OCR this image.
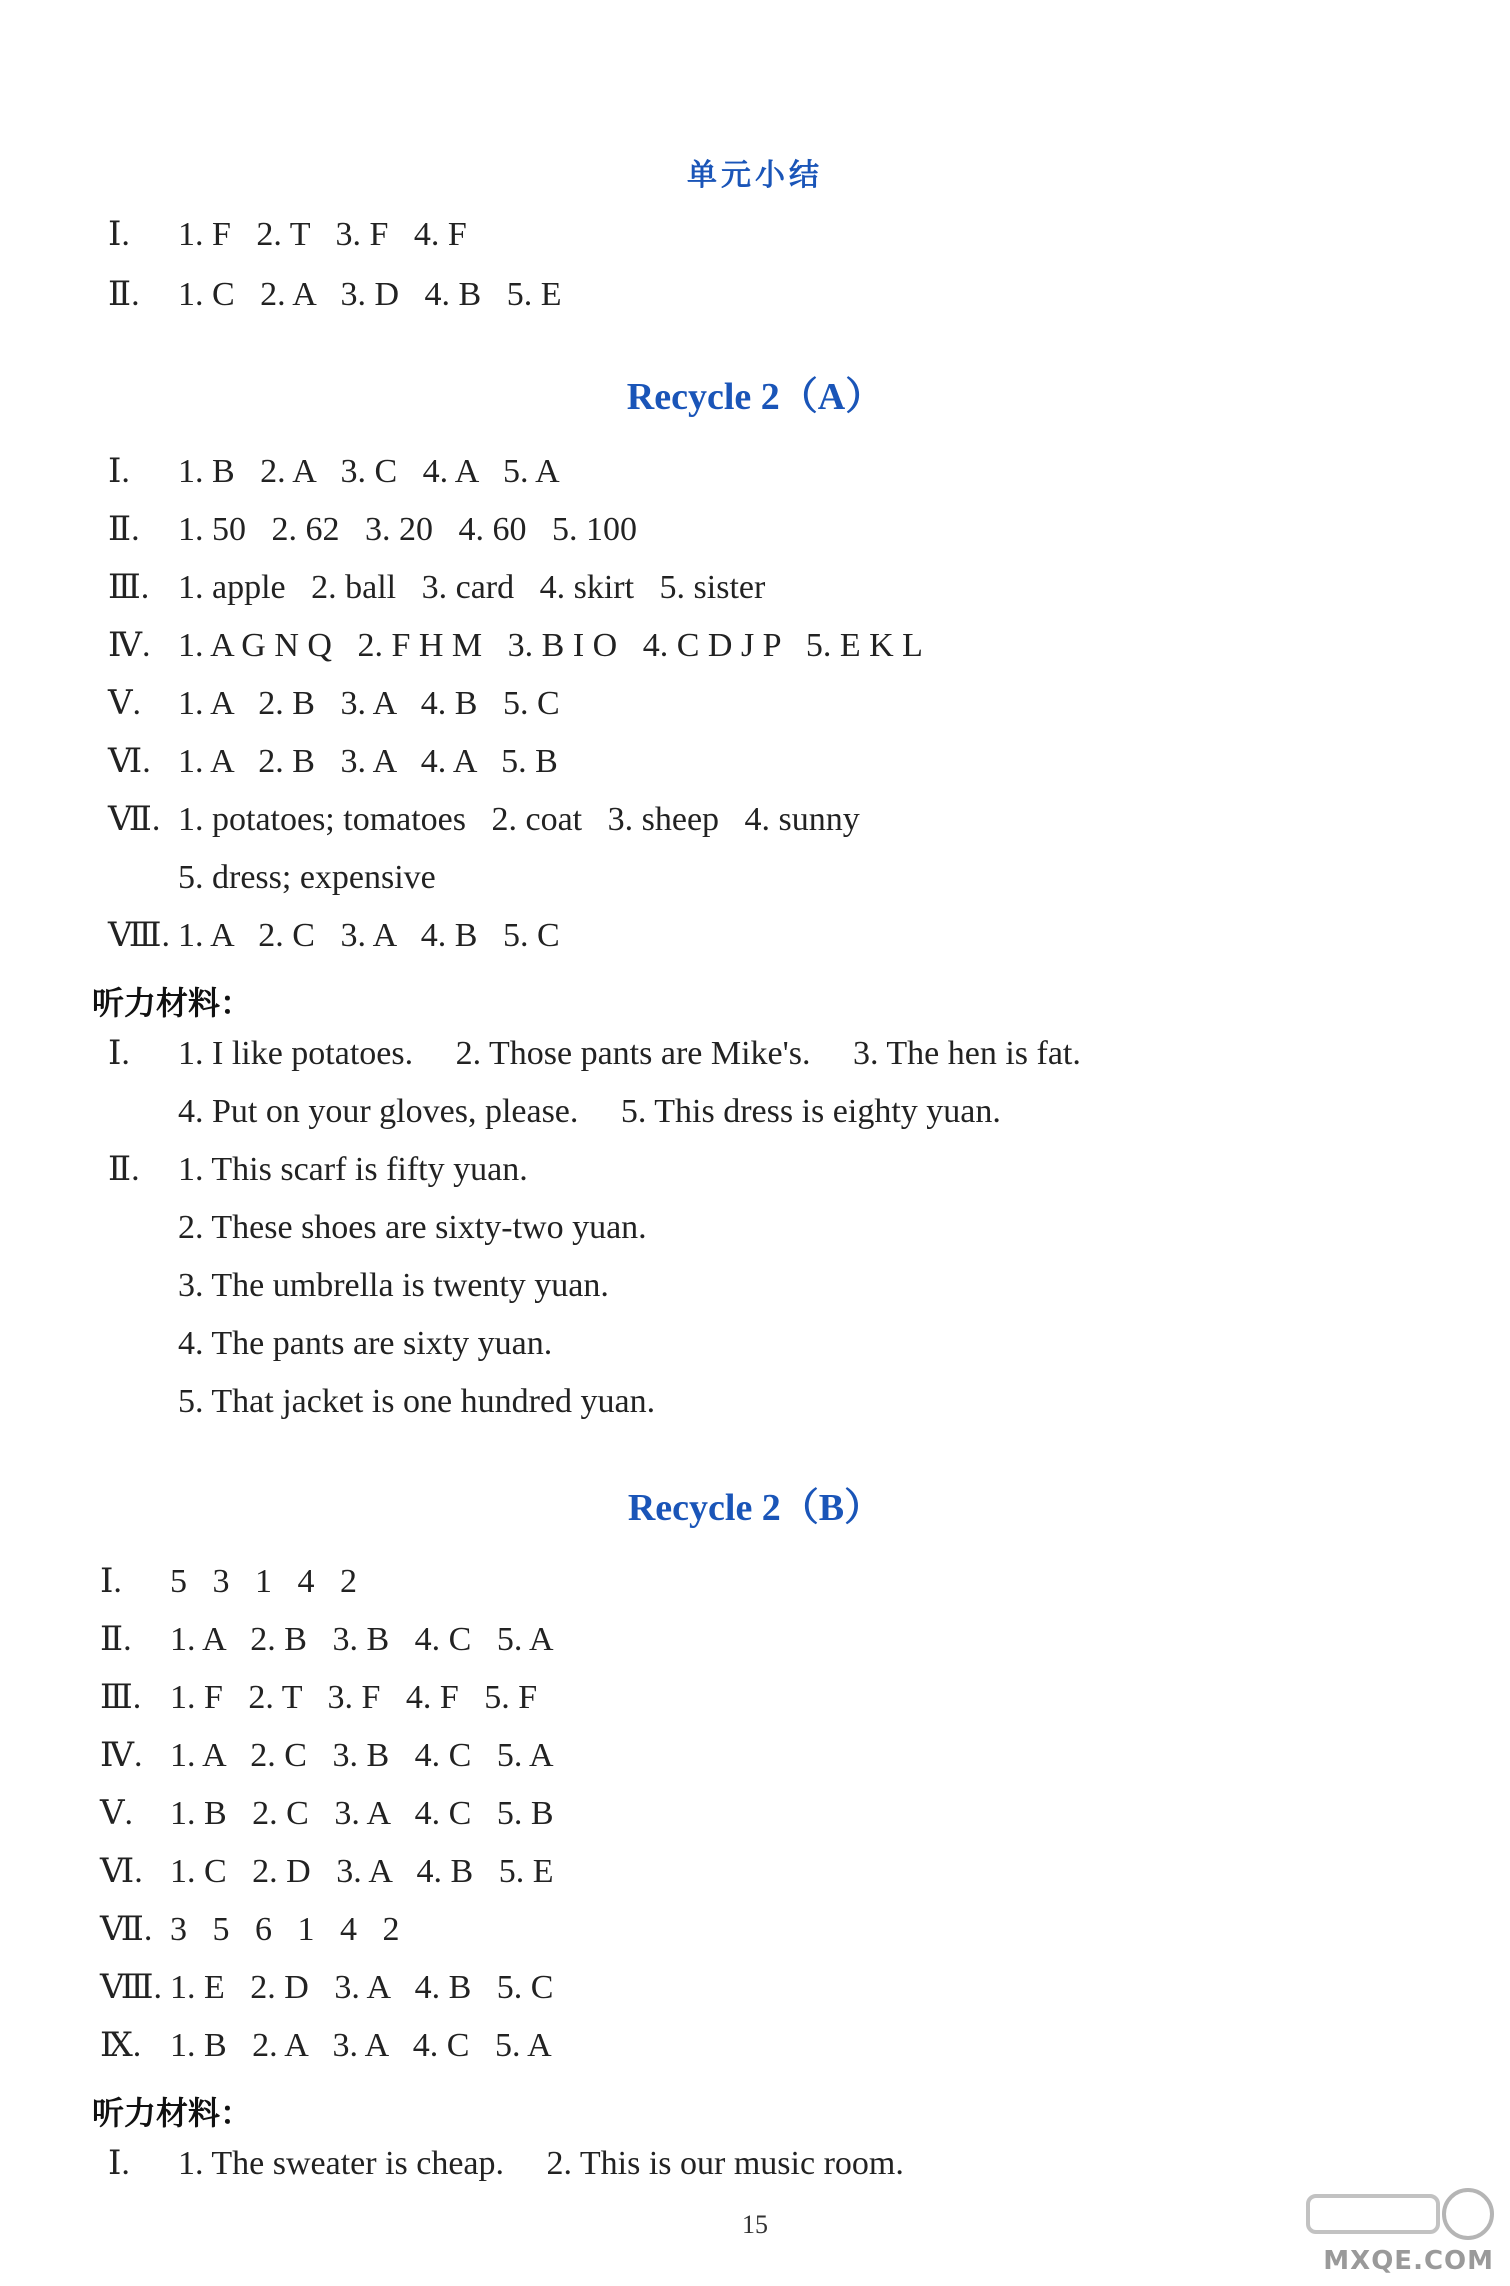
单元小结
Ⅰ. 1. F   2. T   3. F   4. F
Ⅱ. 1. C   2. A   3. D   4. B   5. E
Recycle 2（A）
Ⅰ. 1. B   2. A   3. C   4. A   5. A
Ⅱ. 1. 50   2. 62   3. 20   4. 60   5. 100
Ⅲ. 1. apple   2. ball   3. card   4. skirt   5. sister
Ⅳ. 1. A G N Q   2. F H M   3. B I O   4. C D J P   5. E K L
Ⅴ. 1. A   2. B   3. A   4. B   5. C
Ⅵ. 1. A   2. B   3. A   4. A   5. B
Ⅶ. 1. potatoes; tomatoes   2. coat   3. sheep   4. sunny
5. dress; expensive
Ⅷ. 1. A   2. C   3. A   4. B   5. C
听力材料：
Ⅰ. 1. I like potatoes.     2. Those pants are Mike's.     3. The hen is fat.
4. Put on your gloves, please.     5. This dress is eighty yuan.
Ⅱ. 1. This scarf is fifty yuan.
2. These shoes are sixty-two yuan.
3. The umbrella is twenty yuan.
4. The pants are sixty yuan.
5. That jacket is one hundred yuan.
Recycle 2（B）
Ⅰ. 5   3   1   4   2
Ⅱ. 1. A   2. B   3. B   4. C   5. A
Ⅲ. 1. F   2. T   3. F   4. F   5. F
Ⅳ. 1. A   2. C   3. B   4. C   5. A
Ⅴ. 1. B   2. C   3. A   4. C   5. B
Ⅵ. 1. C   2. D   3. A   4. B   5. E
Ⅶ. 3   5   6   1   4   2
Ⅷ. 1. E   2. D   3. A   4. B   5. C
Ⅸ. 1. B   2. A   3. A   4. C   5. A
听力材料：
Ⅰ. 1. The sweater is cheap.     2. This is our music room.
15
MXQE.COM
